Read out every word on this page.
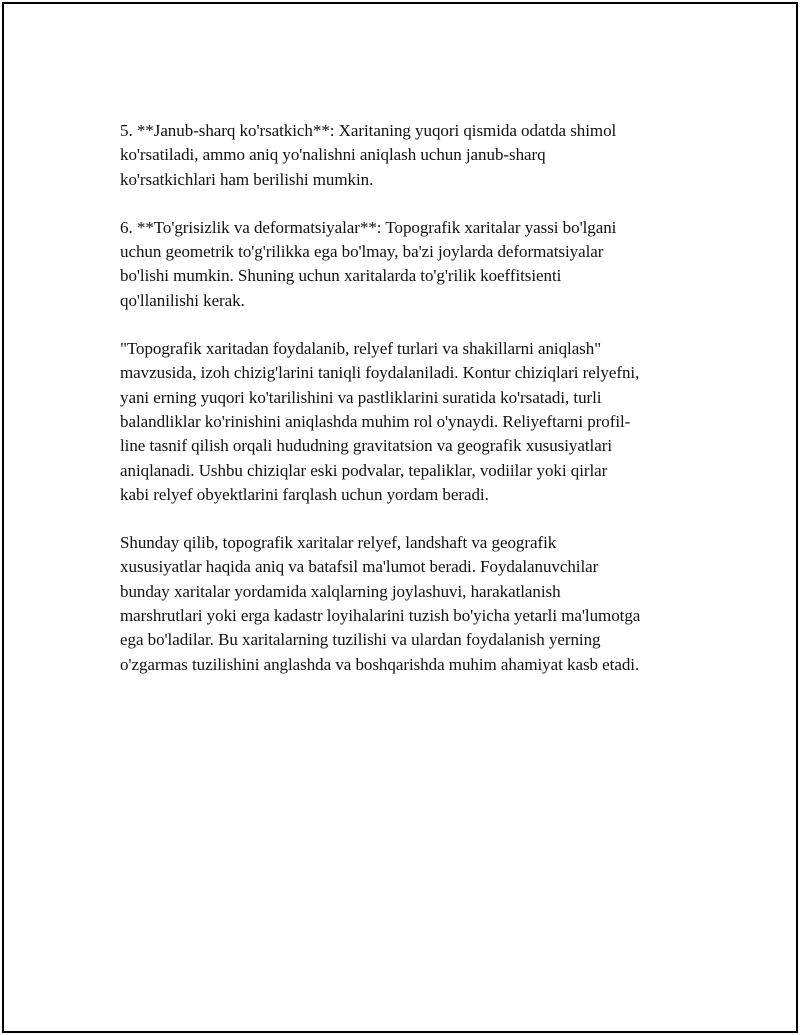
5. **Janub-sharq ko'rsatkich**: Xaritaning yuqori qismida odatda shimol
ko'rsatiladi, ammo aniq yo'nalishni aniqlash uchun janub-sharq
ko'rsatkichlari ham berilishi mumkin.

6. **To'grisizlik va deformatsiyalar**: Topografik xaritalar yassi bo'lgani
uchun geometrik to'g'rilikka ega bo'lmay, ba'zi joylarda deformatsiyalar
bo'lishi mumkin. Shuning uchun xaritalarda to'g'rilik koeffitsienti
qo'llanilishi kerak.

"Topografik xaritadan foydalanib, relyef turlari va shakillarni aniqlash"
mavzusida, izoh chizig'larini taniqli foydalaniladi. Kontur chiziqlari relyefni,
yani erning yuqori ko'tarilishini va pastliklarini suratida ko'rsatadi, turli
balandliklar ko'rinishini aniqlashda muhim rol o'ynaydi. Reliyeftarni profil-
line tasnif qilish orqali hududning gravitatsion va geografik xususiyatlari
aniqlanadi. Ushbu chiziqlar eski podvalar, tepaliklar, vodiilar yoki qirlar
kabi relyef obyektlarini farqlash uchun yordam beradi.

Shunday qilib, topografik xaritalar relyef, landshaft va geografik
xususiyatlar haqida aniq va batafsil ma'lumot beradi. Foydalanuvchilar
bunday xaritalar yordamida xalqlarning joylashuvi, harakatlanish
marshrutlari yoki erga kadastr loyihalarini tuzish bo'yicha yetarli ma'lumotga
ega bo'ladilar. Bu xaritalarning tuzilishi va ulardan foydalanish yerning
o'zgarmas tuzilishini anglashda va boshqarishda muhim ahamiyat kasb etadi.
